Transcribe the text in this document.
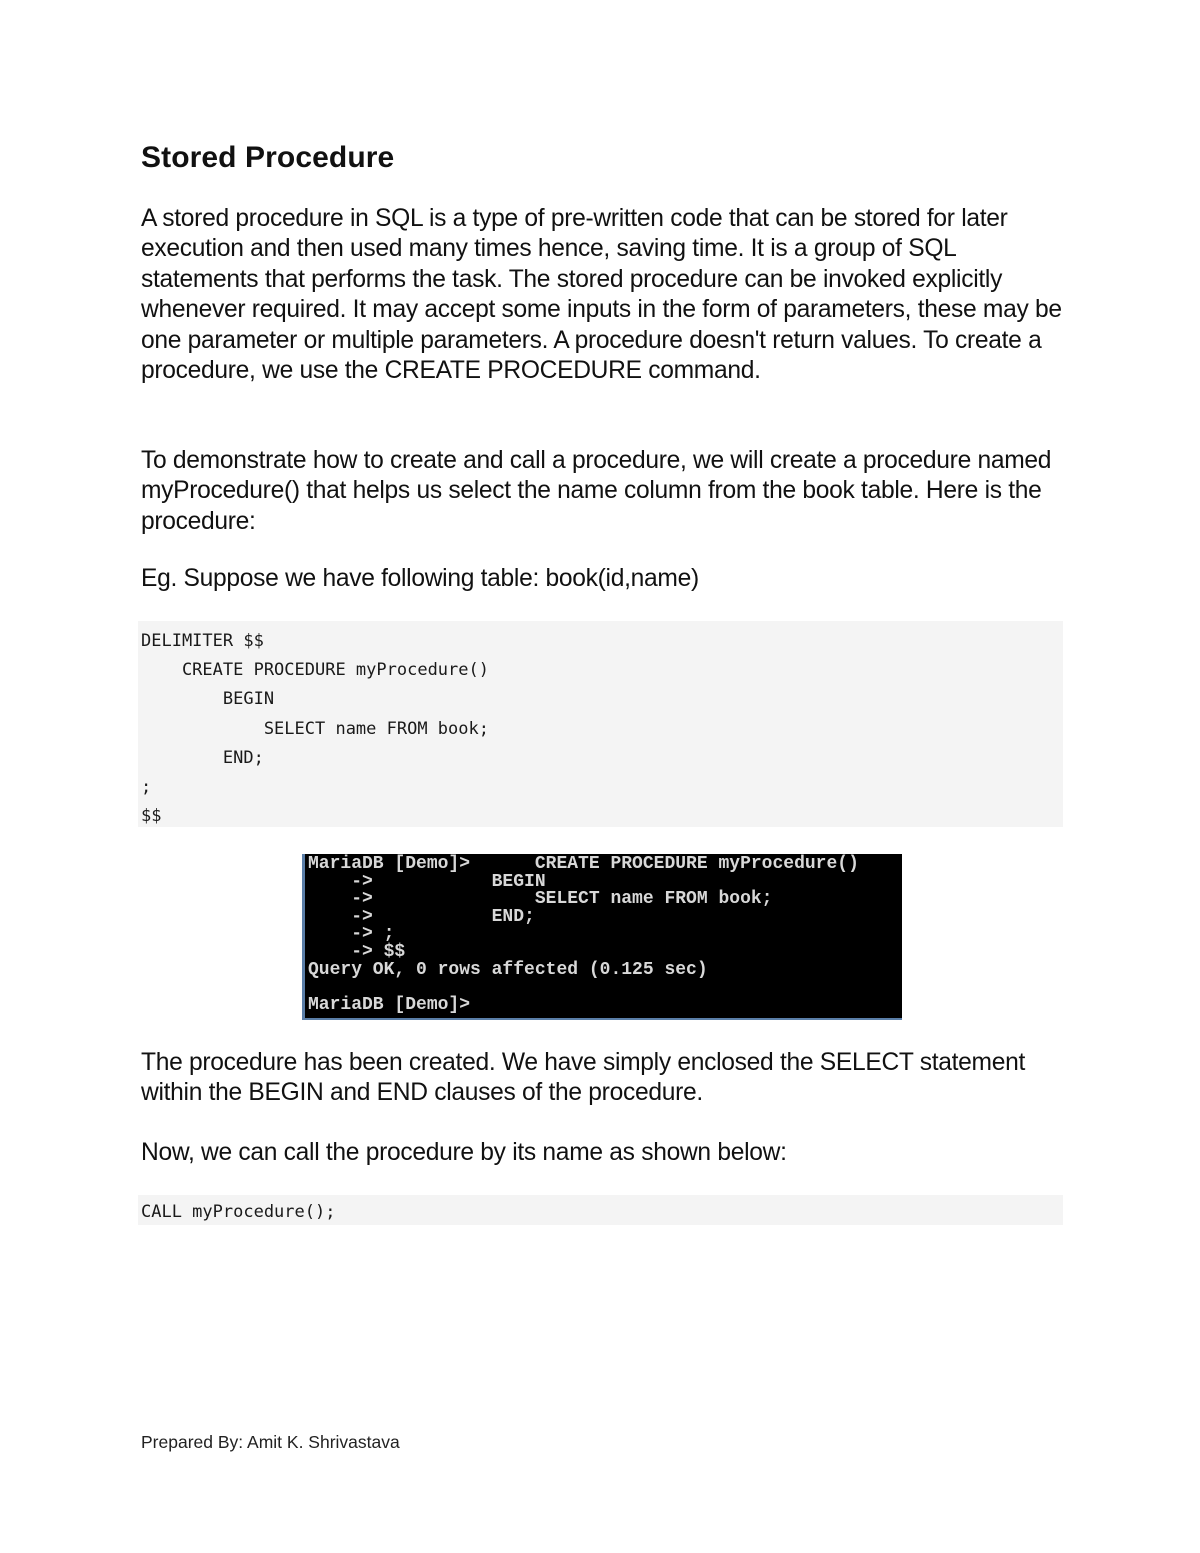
Stored Procedure

A stored procedure in SQL is a type of pre-written code that can be stored for later execution and then used many times hence, saving time. It is a group of SQL statements that performs the task. The stored procedure can be invoked explicitly whenever required. It may accept some inputs in the form of parameters, these may be one parameter or multiple parameters. A procedure doesn't return values. To create a procedure, we use the CREATE PROCEDURE command.

To demonstrate how to create and call a procedure, we will create a procedure named myProcedure() that helps us select the name column from the book table. Here is the procedure:

Eg. Suppose we have following table: book(id,name)

DELIMITER $$
CREATE PROCEDURE myProcedure()
BEGIN
SELECT name FROM book;
END;
;
$$
MariaDB [Demo]>      CREATE PROCEDURE myProcedure()
->           BEGIN
->               SELECT name FROM book;
->           END;
-> ;
-> $$
Query OK, 0 rows affected (0.125 sec)
MariaDB [Demo]>

The procedure has been created. We have simply enclosed the SELECT statement within the BEGIN and END clauses of the procedure.

Now, we can call the procedure by its name as shown below:

CALL myProcedure();

Prepared By: Amit K. Shrivastava
